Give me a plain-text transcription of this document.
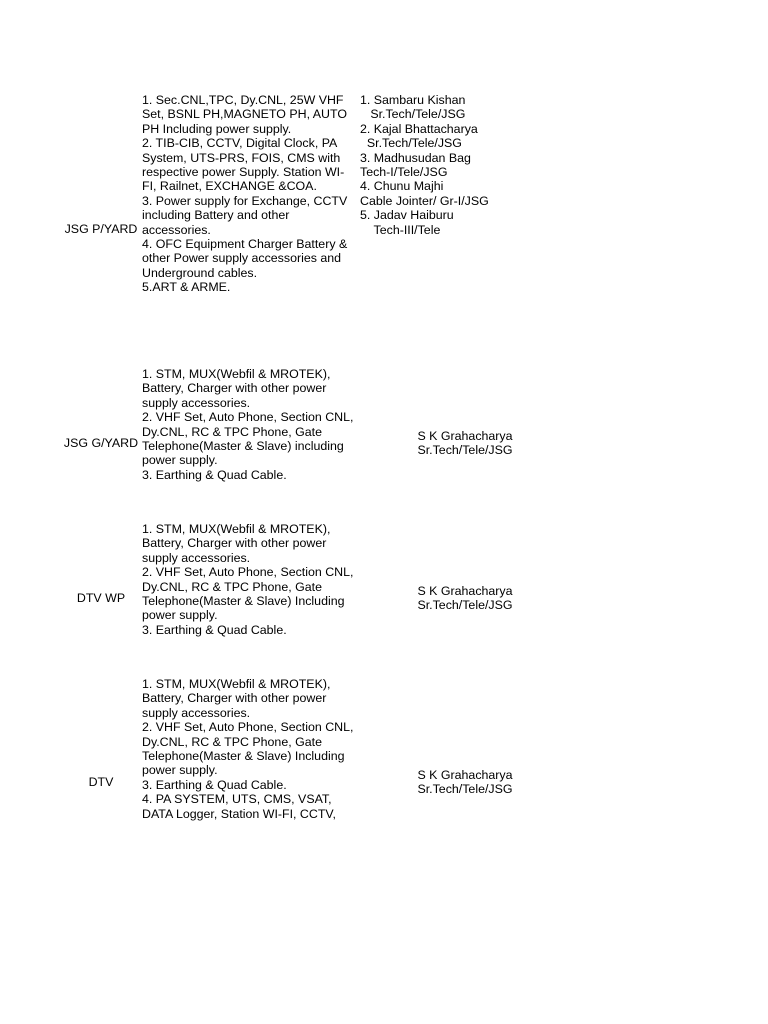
JSG P/YARD
1. Sec.CNL,TPC, Dy.CNL, 25W VHF Set, BSNL PH,MAGNETO PH, AUTO PH Including power supply.
2. TIB-CIB, CCTV, Digital Clock, PA System, UTS-PRS, FOIS, CMS with respective power Supply. Station WI-FI, Railnet, EXCHANGE &COA.
3. Power supply for Exchange, CCTV including Battery and other accessories.
4. OFC Equipment Charger Battery & other Power supply accessories and Underground cables.
5.ART & ARME.
1. Sambaru Kishan
Sr.Tech/Tele/JSG
2. Kajal Bhattacharya
Sr.Tech/Tele/JSG
3. Madhusudan Bag
Tech-I/Tele/JSG
4. Chunu Majhi
Cable Jointer/ Gr-I/JSG
5. Jadav Haiburu
Tech-III/Tele
JSG G/YARD
1. STM, MUX(Webfil & MROTEK), Battery, Charger with other power supply accessories.
2. VHF Set, Auto Phone, Section CNL, Dy.CNL, RC & TPC Phone, Gate Telephone(Master & Slave) including power supply.
3. Earthing & Quad Cable.
S K Grahacharya
Sr.Tech/Tele/JSG
DTV WP
1. STM, MUX(Webfil & MROTEK), Battery, Charger with other power supply accessories.
2. VHF Set, Auto Phone, Section CNL, Dy.CNL, RC & TPC Phone, Gate Telephone(Master & Slave) Including power supply.
3. Earthing & Quad Cable.
S K Grahacharya
Sr.Tech/Tele/JSG
DTV
1. STM, MUX(Webfil & MROTEK), Battery, Charger with other power supply accessories.
2. VHF Set, Auto Phone, Section CNL, Dy.CNL, RC & TPC Phone, Gate Telephone(Master & Slave) Including power supply.
3. Earthing & Quad Cable.
4. PA SYSTEM, UTS, CMS, VSAT, DATA Logger, Station WI-FI, CCTV,
S K Grahacharya
Sr.Tech/Tele/JSG
